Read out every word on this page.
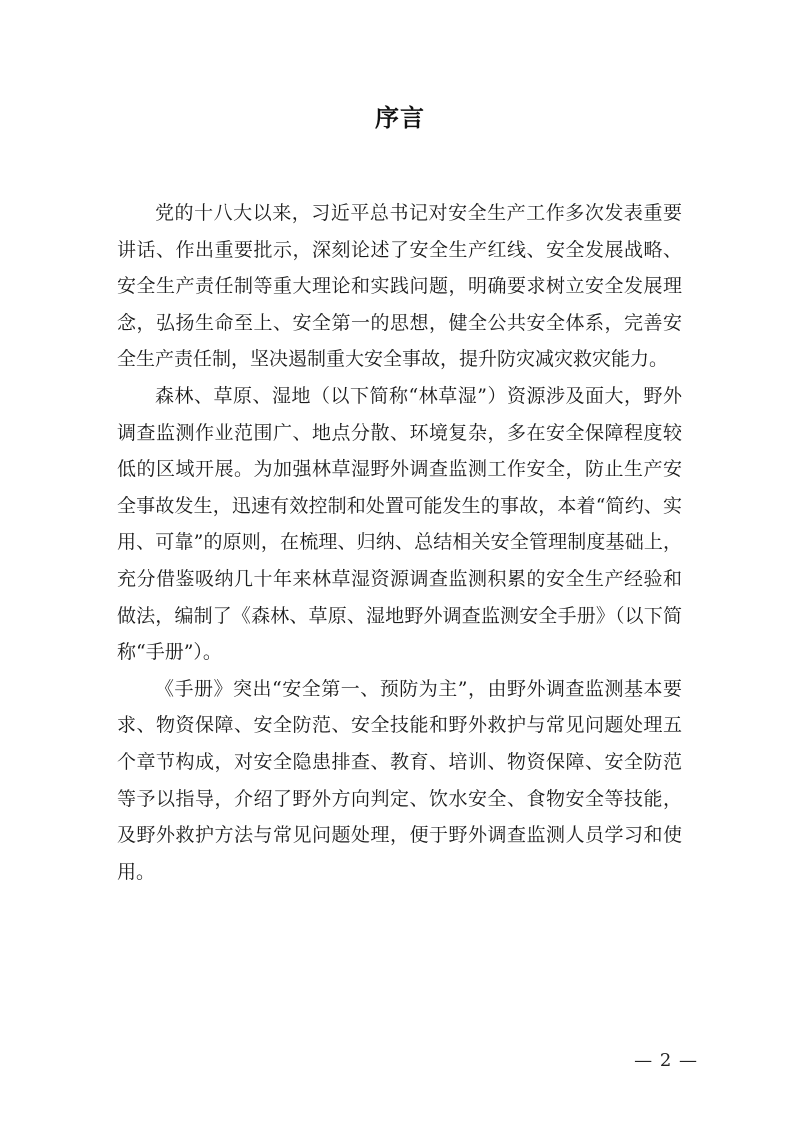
序言

党的十八大以来，习近平总书记对安全生产工作多次发表重要讲话、作出重要批示，深刻论述了安全生产红线、安全发展战略、安全生产责任制等重大理论和实践问题，明确要求树立安全发展理念，弘扬生命至上、安全第一的思想，健全公共安全体系，完善安全生产责任制，坚决遏制重大安全事故，提升防灾减灾救灾能力。

森林、草原、湿地（以下简称“林草湿”）资源涉及面大，野外调查监测作业范围广、地点分散、环境复杂，多在安全保障程度较低的区域开展。为加强林草湿野外调查监测工作安全，防止生产安全事故发生，迅速有效控制和处置可能发生的事故，本着“简约、实用、可靠”的原则，在梳理、归纳、总结相关安全管理制度基础上，充分借鉴吸纳几十年来林草湿资源调查监测积累的安全生产经验和做法，编制了《森林、草原、湿地野外调查监测安全手册》（以下简称“手册”）。

《手册》突出“安全第一、预防为主”，由野外调查监测基本要求、物资保障、安全防范、安全技能和野外救护与常见问题处理五个章节构成，对安全隐患排查、教育、培训、物资保障、安全防范等予以指导，介绍了野外方向判定、饮水安全、食物安全等技能，及野外救护方法与常见问题处理，便于野外调查监测人员学习和使用。

— 2 —
